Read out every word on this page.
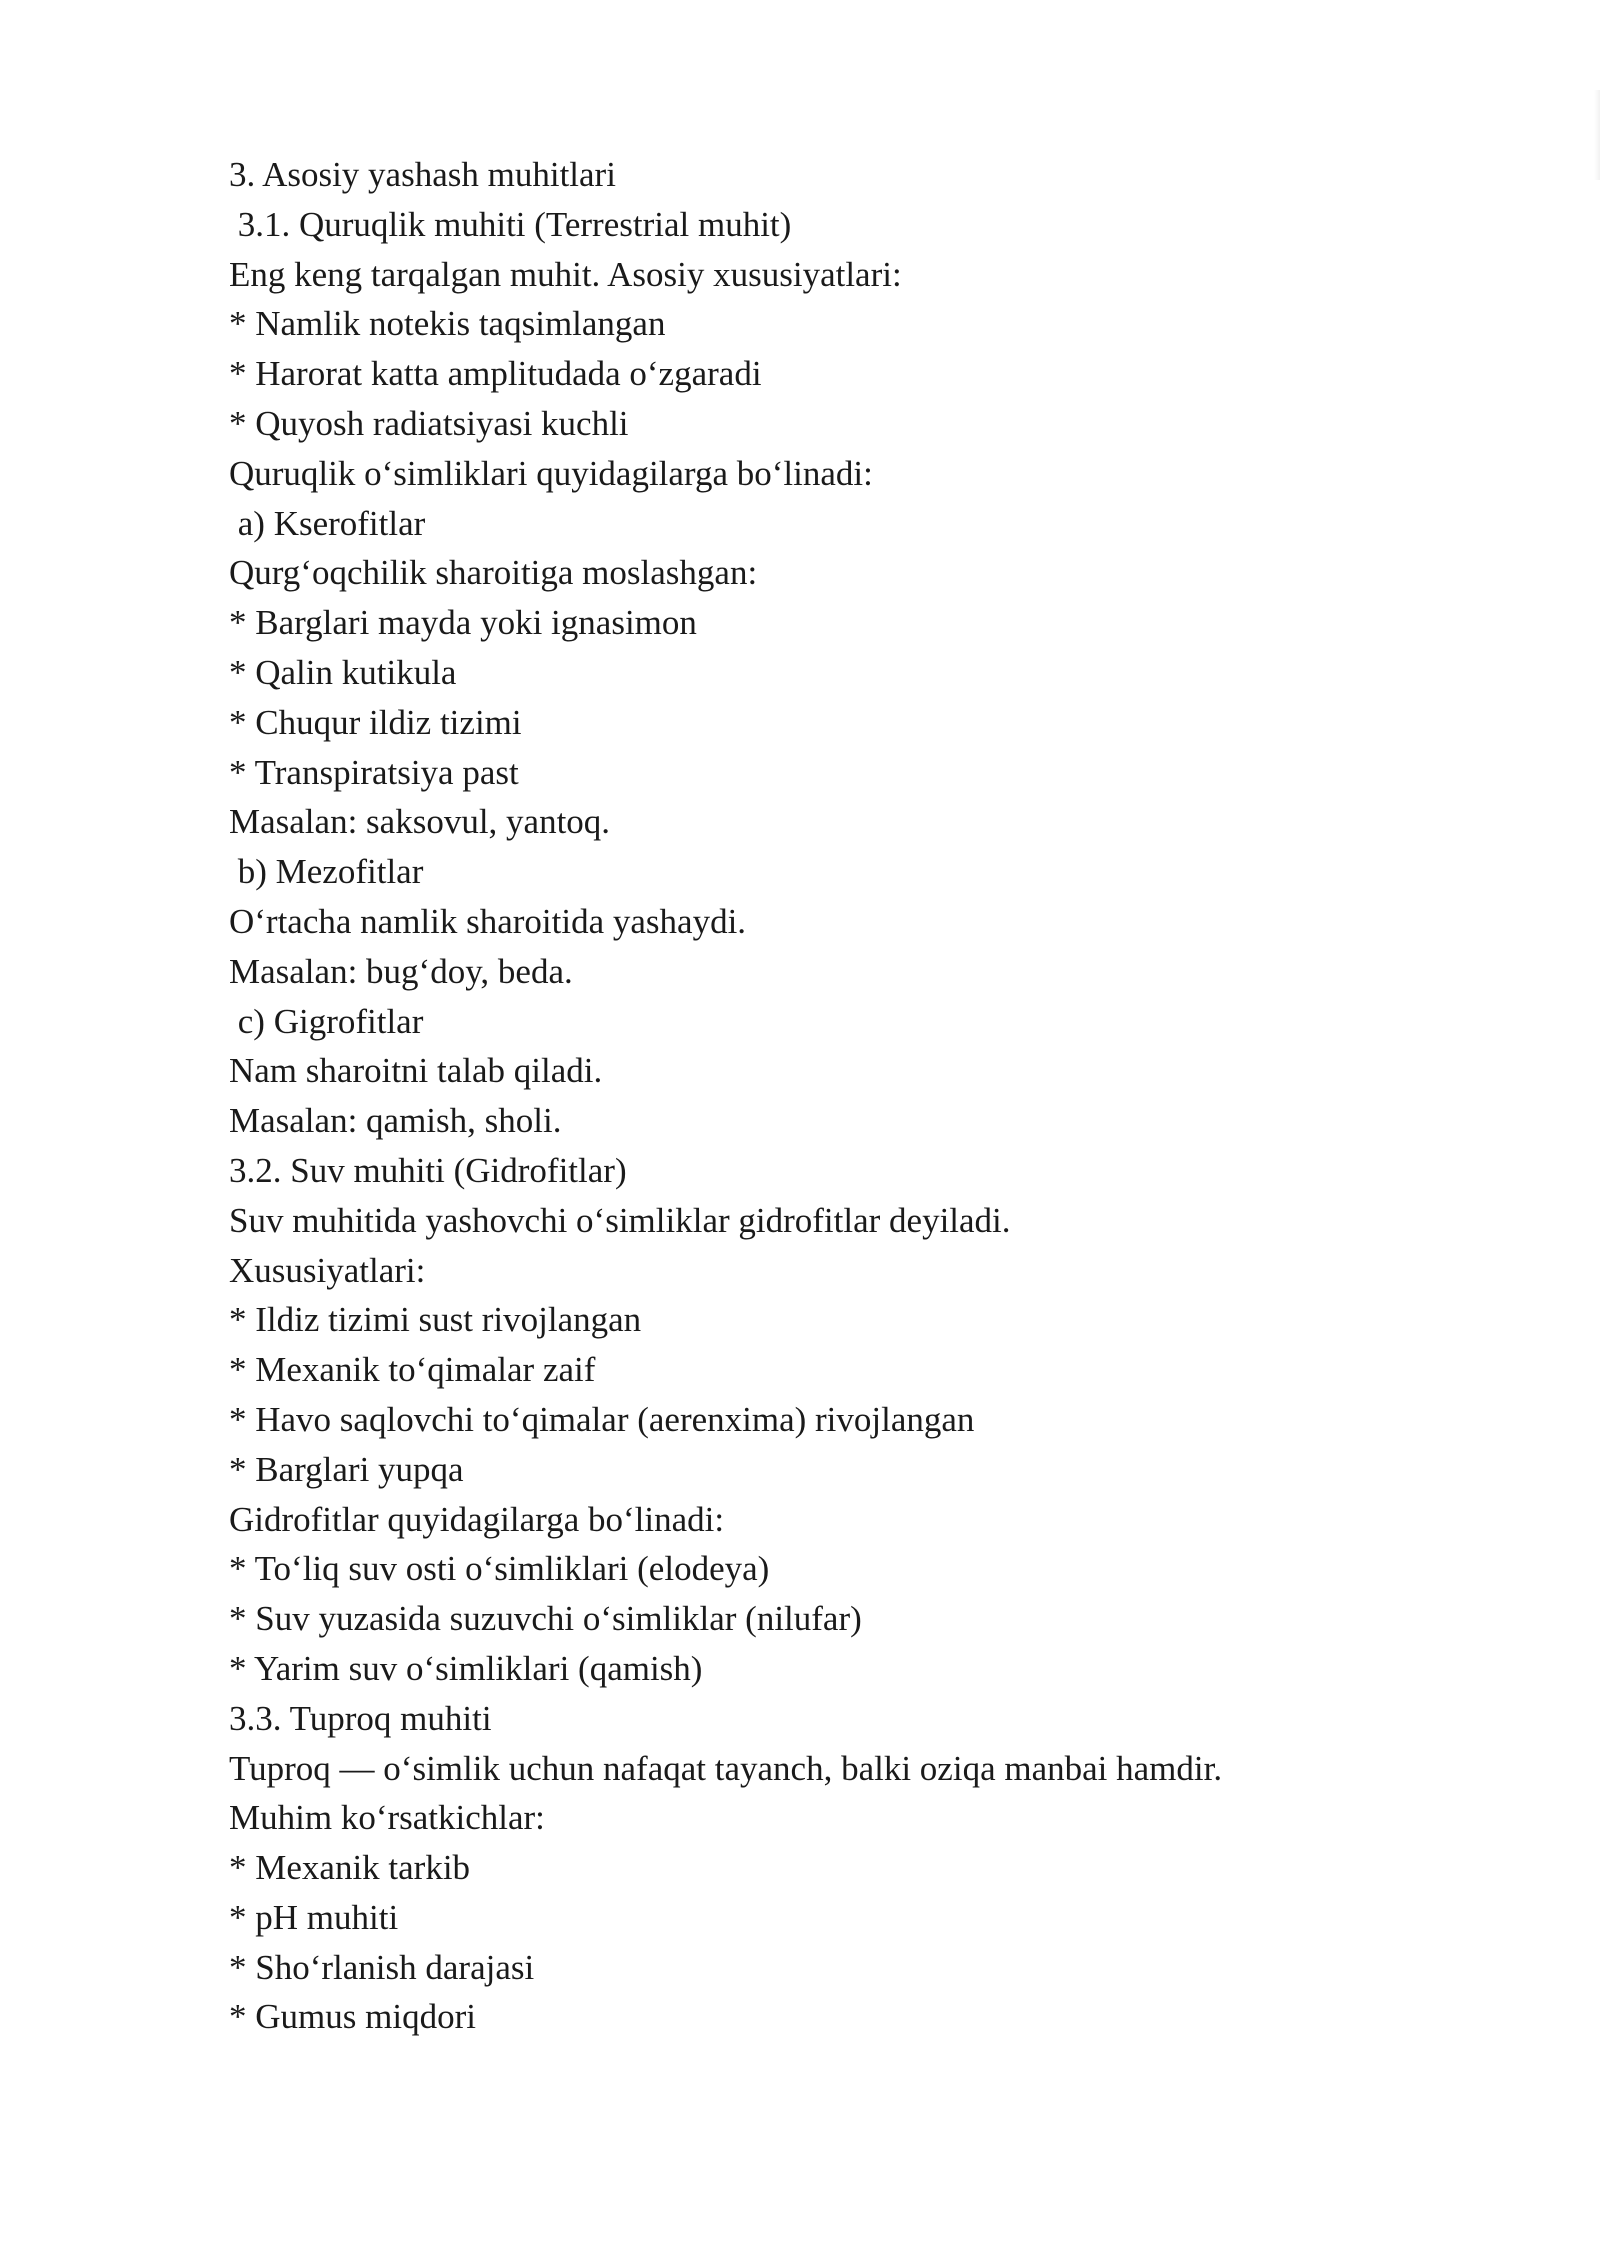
3. Asosiy yashash muhitlari
3.1. Quruqlik muhiti (Terrestrial muhit)
Eng keng tarqalgan muhit. Asosiy xususiyatlari:
* Namlik notekis taqsimlangan
* Harorat katta amplitudada o‘zgaradi
* Quyosh radiatsiyasi kuchli
Quruqlik o‘simliklari quyidagilarga bo‘linadi:
a) Kserofitlar
Qurg‘oqchilik sharoitiga moslashgan:
* Barglari mayda yoki ignasimon
* Qalin kutikula
* Chuqur ildiz tizimi
* Transpiratsiya past
Masalan: saksovul, yantoq.
b) Mezofitlar
O‘rtacha namlik sharoitida yashaydi.
Masalan: bug‘doy, beda.
c) Gigrofitlar
Nam sharoitni talab qiladi.
Masalan: qamish, sholi.
3.2. Suv muhiti (Gidrofitlar)
Suv muhitida yashovchi o‘simliklar gidrofitlar deyiladi.
Xususiyatlari:
* Ildiz tizimi sust rivojlangan
* Mexanik to‘qimalar zaif
* Havo saqlovchi to‘qimalar (aerenxima) rivojlangan
* Barglari yupqa
Gidrofitlar quyidagilarga bo‘linadi:
* To‘liq suv osti o‘simliklari (elodeya)
* Suv yuzasida suzuvchi o‘simliklar (nilufar)
* Yarim suv o‘simliklari (qamish)
3.3. Tuproq muhiti
Tuproq — o‘simlik uchun nafaqat tayanch, balki oziqa manbai hamdir.
Muhim ko‘rsatkichlar:
* Mexanik tarkib
* pH muhiti
* Sho‘rlanish darajasi
* Gumus miqdori
